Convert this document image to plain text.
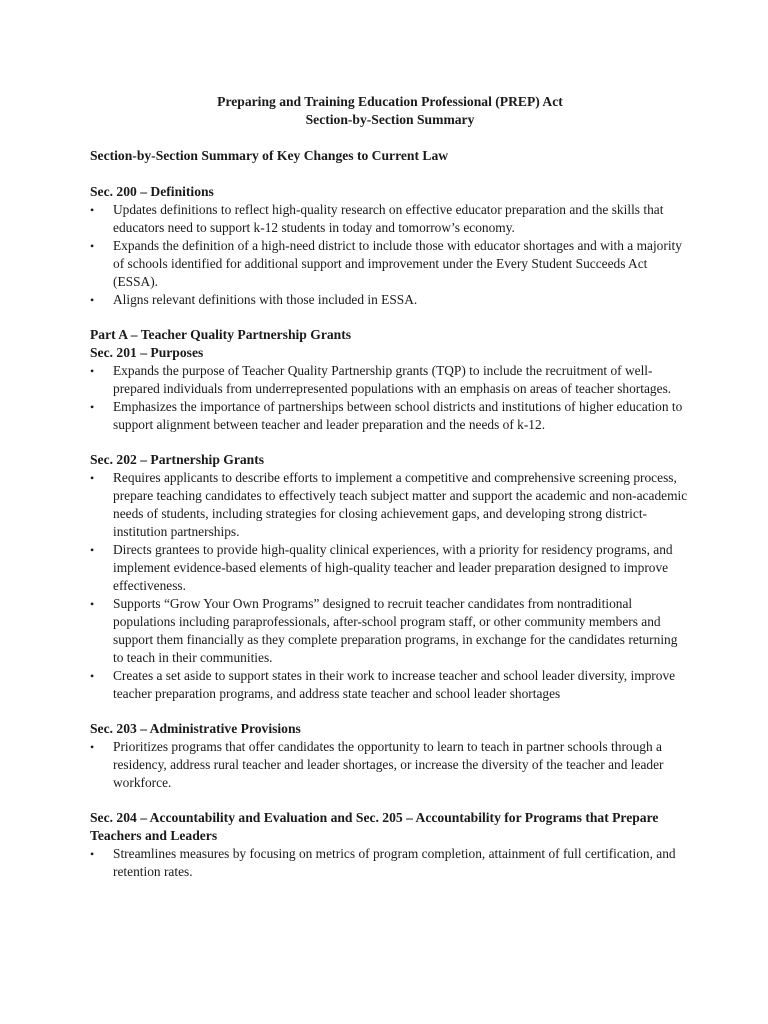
Preparing and Training Education Professional (PREP) Act
Section-by-Section Summary
Section-by-Section Summary of Key Changes to Current Law
Sec. 200 – Definitions
• Updates definitions to reflect high-quality research on effective educator preparation and the skills that educators need to support k-12 students in today and tomorrow’s economy.
• Expands the definition of a high-need district to include those with educator shortages and with a majority of schools identified for additional support and improvement under the Every Student Succeeds Act (ESSA).
• Aligns relevant definitions with those included in ESSA.
Part A – Teacher Quality Partnership Grants
Sec. 201 – Purposes
• Expands the purpose of Teacher Quality Partnership grants (TQP) to include the recruitment of well-prepared individuals from underrepresented populations with an emphasis on areas of teacher shortages.
• Emphasizes the importance of partnerships between school districts and institutions of higher education to support alignment between teacher and leader preparation and the needs of k-12.
Sec. 202 – Partnership Grants
• Requires applicants to describe efforts to implement a competitive and comprehensive screening process, prepare teaching candidates to effectively teach subject matter and support the academic and non-academic needs of students, including strategies for closing achievement gaps, and developing strong district-institution partnerships.
• Directs grantees to provide high-quality clinical experiences, with a priority for residency programs, and implement evidence-based elements of high-quality teacher and leader preparation designed to improve effectiveness.
• Supports “Grow Your Own Programs” designed to recruit teacher candidates from nontraditional populations including paraprofessionals, after-school program staff, or other community members and support them financially as they complete preparation programs, in exchange for the candidates returning to teach in their communities.
• Creates a set aside to support states in their work to increase teacher and school leader diversity, improve teacher preparation programs, and address state teacher and school leader shortages
Sec. 203 – Administrative Provisions
• Prioritizes programs that offer candidates the opportunity to learn to teach in partner schools through a residency, address rural teacher and leader shortages, or increase the diversity of the teacher and leader workforce.
Sec. 204 – Accountability and Evaluation and Sec. 205 – Accountability for Programs that Prepare Teachers and Leaders
• Streamlines measures by focusing on metrics of program completion, attainment of full certification, and retention rates.
